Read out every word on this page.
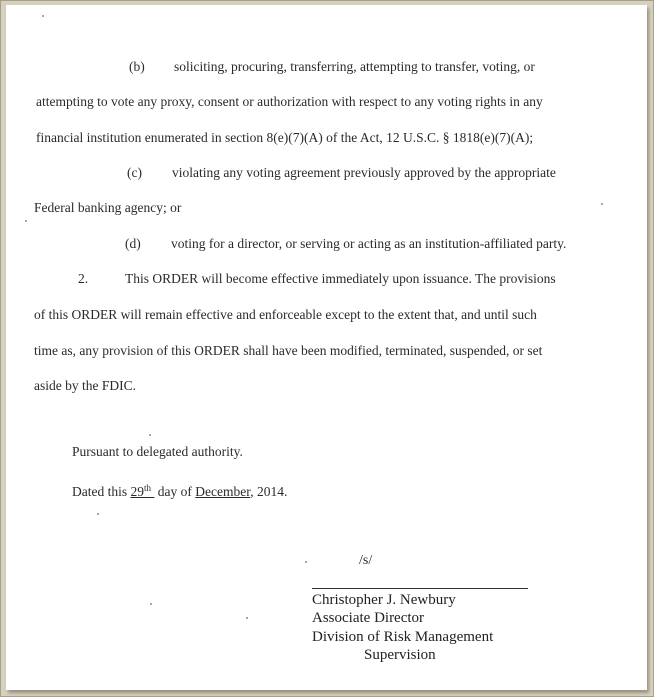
(b) soliciting, procuring, transferring, attempting to transfer, voting, or
attempting to vote any proxy, consent or authorization with respect to any voting rights in any
financial institution enumerated in section 8(e)(7)(A) of the Act, 12 U.S.C. § 1818(e)(7)(A);
(c) violating any voting agreement previously approved by the appropriate
Federal banking agency; or
(d) voting for a director, or serving or acting as an institution-affiliated party.
2.	This ORDER will become effective immediately upon issuance. The provisions
of this ORDER will remain effective and enforceable except to the extent that, and until such
time as, any provision of this ORDER shall have been modified, terminated, suspended, or set
aside by the FDIC.
Pursuant to delegated authority.
Dated this 29th  day of December, 2014.
/s/
Christopher J. Newbury
Associate Director
Division of Risk Management
Supervision
